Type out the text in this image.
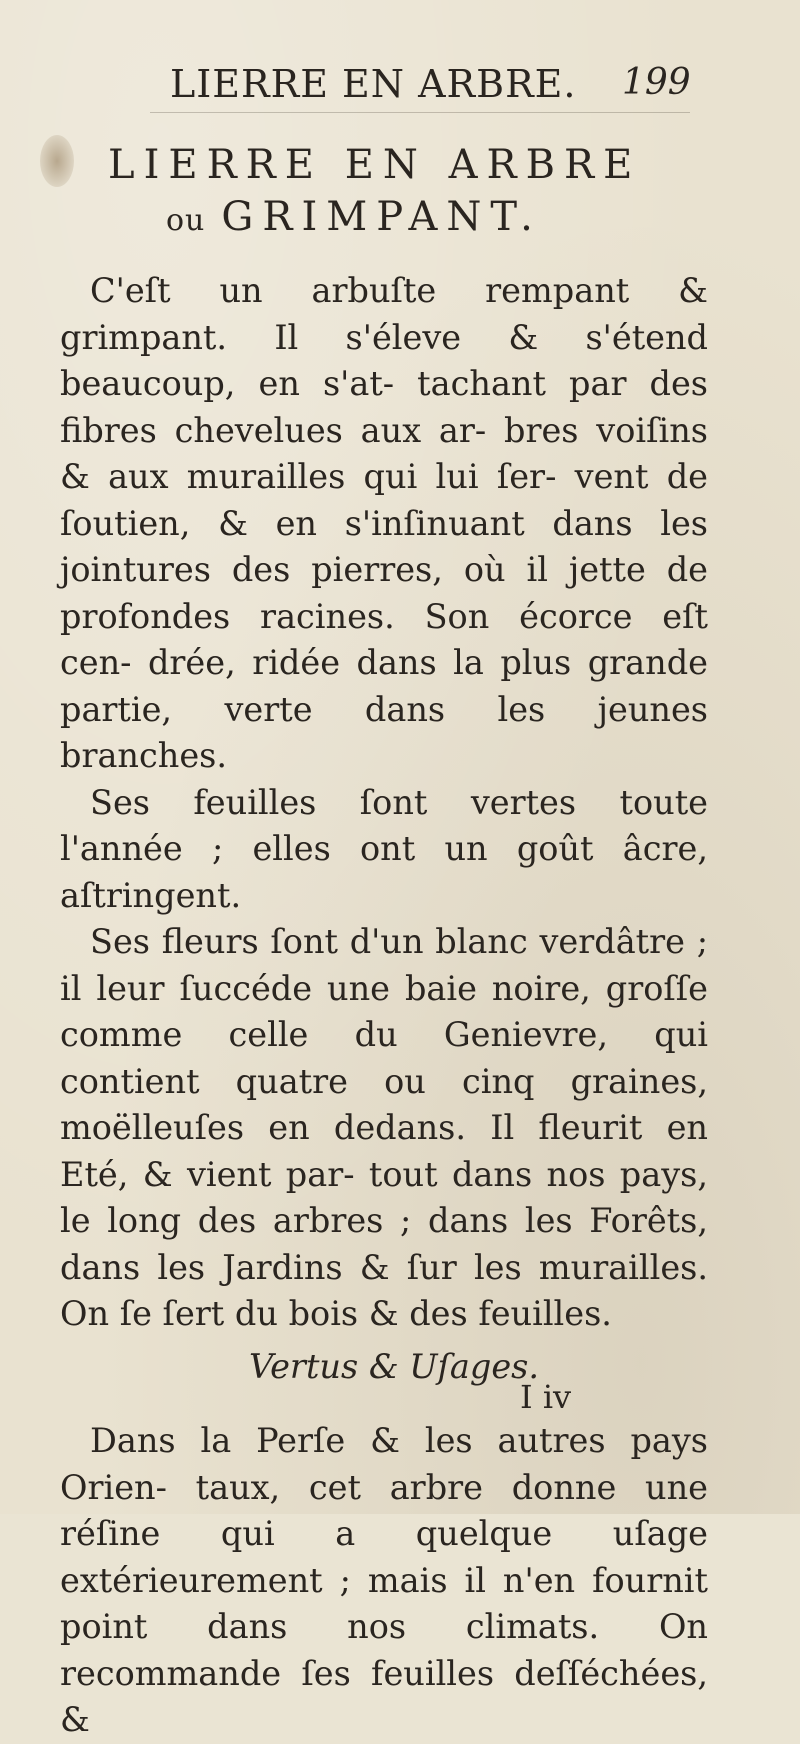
LIERRE EN ARBRE. 199
LIERRE EN ARBRE
ou GRIMPANT.

C'eſt un arbuſte rempant & grimpant. Il s'éleve & s'étend beaucoup, en s'at- tachant par des fibres chevelues aux ar- bres voiſins & aux murailles qui lui ſer- vent de ſoutien, & en s'inſinuant dans les jointures des pierres, où il jette de profondes racines. Son écorce eſt cen- drée, ridée dans la plus grande partie, verte dans les jeunes branches.

Ses feuilles ſont vertes toute l'année ; elles ont un goût âcre, aſtringent.

Ses fleurs ſont d'un blanc verdâtre ; il leur ſuccéde une baie noire, groſſe comme celle du Genievre, qui contient quatre ou cinq graines, moëlleuſes en dedans. Il fleurit en Eté, & vient par- tout dans nos pays, le long des arbres ; dans les Forêts, dans les Jardins & ſur les murailles. On ſe ſert du bois & des feuilles.

Vertus & Uſages.

Dans la Perſe & les autres pays Orien- taux, cet arbre donne une réſine qui a quelque uſage extérieurement ; mais il n'en fournit point dans nos climats. On recommande ſes feuilles deſſéchées, &

I iv
